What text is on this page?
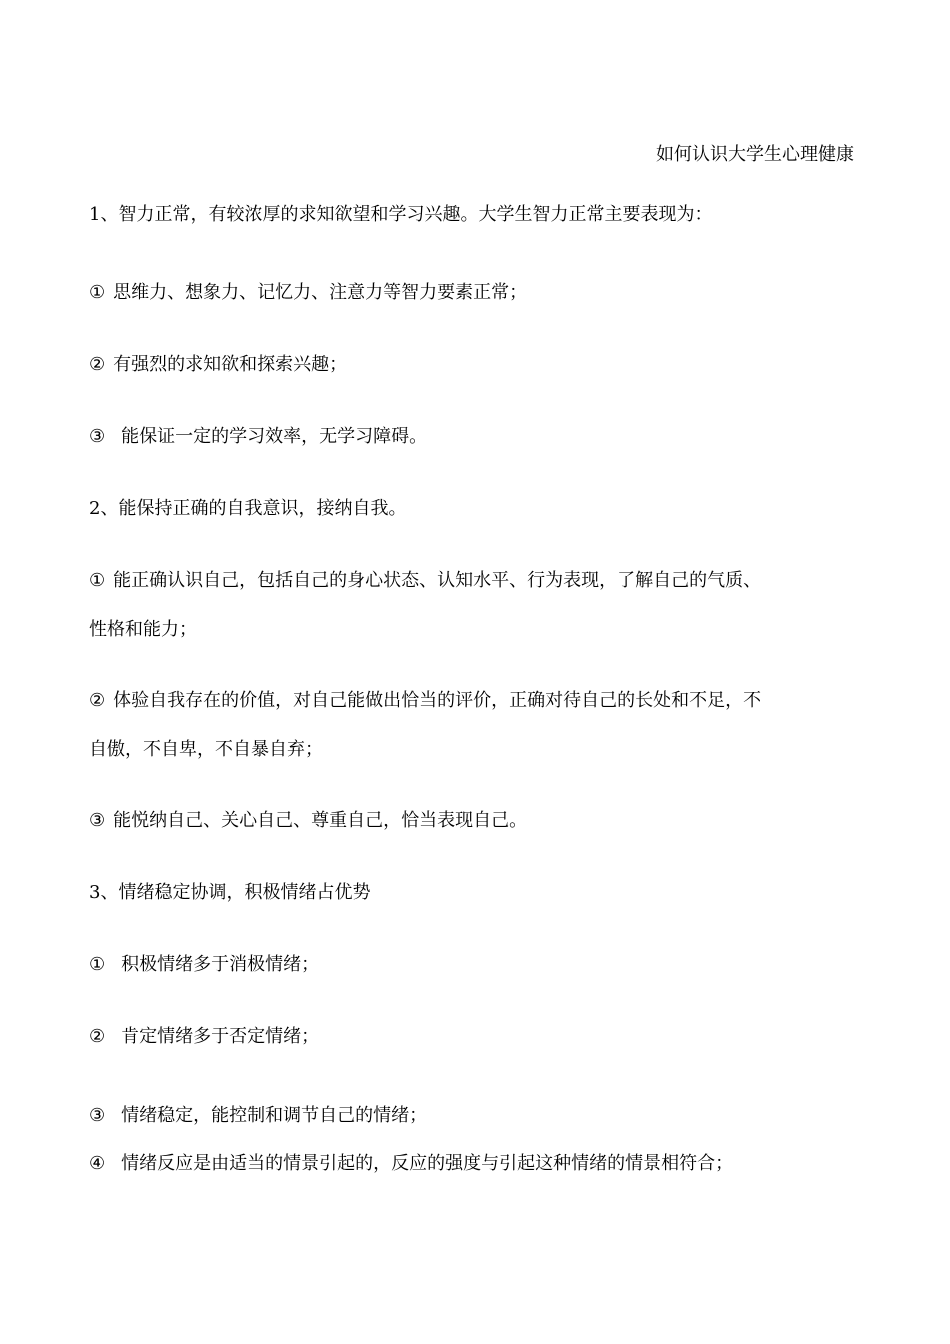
如何认识大学生心理健康
1、智力正常，有较浓厚的求知欲望和学习兴趣。大学生智力正常主要表现为：
① 思维力、想象力、记忆力、注意力等智力要素正常；
② 有强烈的求知欲和探索兴趣；
③ 能保证一定的学习效率，无学习障碍。
2、能保持正确的自我意识，接纳自我。
① 能正确认识自己，包括自己的身心状态、认知水平、行为表现，了解自己的气质、
性格和能力；
② 体验自我存在的价值，对自己能做出恰当的评价，正确对待自己的长处和不足，不
自傲，不自卑，不自暴自弃；
③ 能悦纳自己、关心自己、尊重自己，恰当表现自己。
3、情绪稳定协调，积极情绪占优势
① 积极情绪多于消极情绪；
② 肯定情绪多于否定情绪；
③ 情绪稳定，能控制和调节自己的情绪；
④ 情绪反应是由适当的情景引起的，反应的强度与引起这种情绪的情景相符合；
